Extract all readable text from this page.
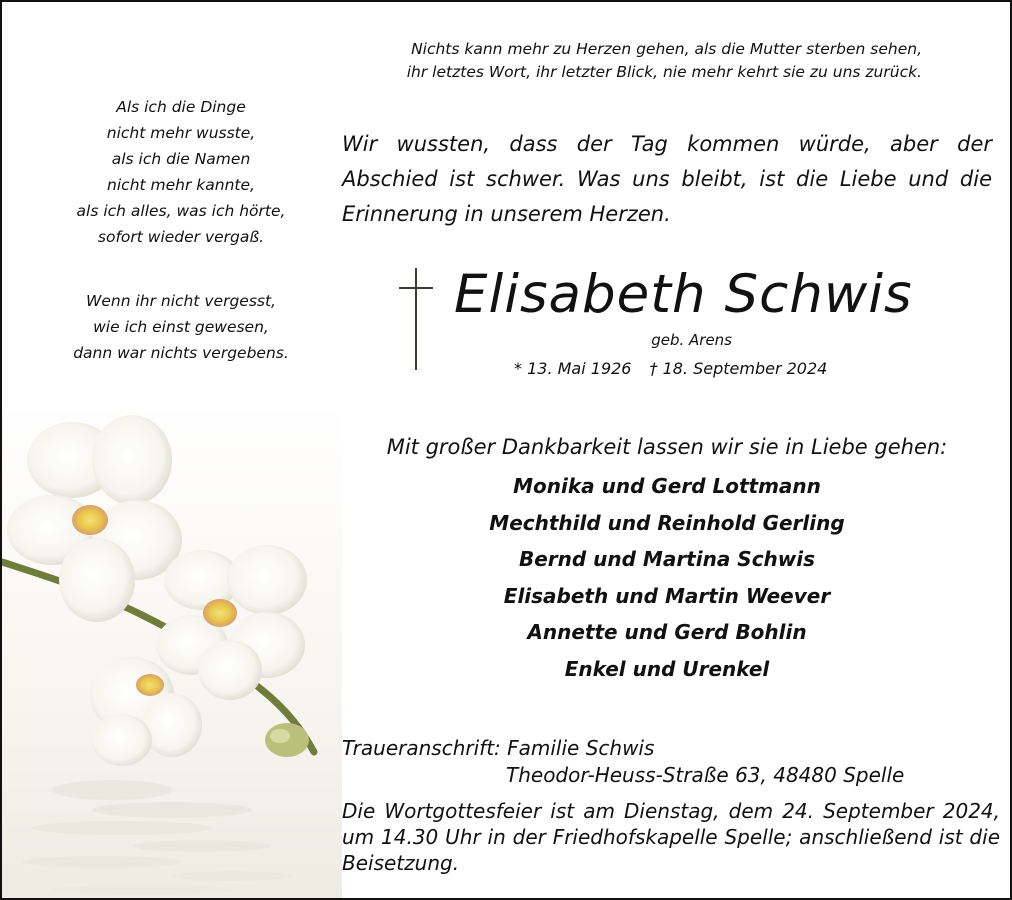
Nichts kann mehr zu Herzen gehen, als die Mutter sterben sehen,
ihr letztes Wort, ihr letzter Blick, nie mehr kehrt sie zu uns zurück.
Als ich die Dinge
nicht mehr wusste,
als ich die Namen
nicht mehr kannte,
als ich alles, was ich hörte,
sofort wieder vergaß.
Wenn ihr nicht vergesst,
wie ich einst gewesen,
dann war nichts vergebens.
Wir wussten, dass der Tag kommen würde, aber der Abschied ist schwer. Was uns bleibt, ist die Liebe und die Erinnerung in unserem Herzen.
Elisabeth Schwis
geb. Arens
* 13. Mai 1926 † 18. September 2024
Mit großer Dankbarkeit lassen wir sie in Liebe gehen:
Monika und Gerd Lottmann
Mechthild und Reinhold Gerling
Bernd und Martina Schwis
Elisabeth und Martin Weever
Annette und Gerd Bohlin
Enkel und Urenkel
Traueranschrift: Familie Schwis
Theodor-Heuss-Straße 63, 48480 Spelle
Die Wortgottesfeier ist am Dienstag, dem 24. September 2024, um 14.30 Uhr in der Friedhofskapelle Spelle; anschließend ist die Beisetzung.
